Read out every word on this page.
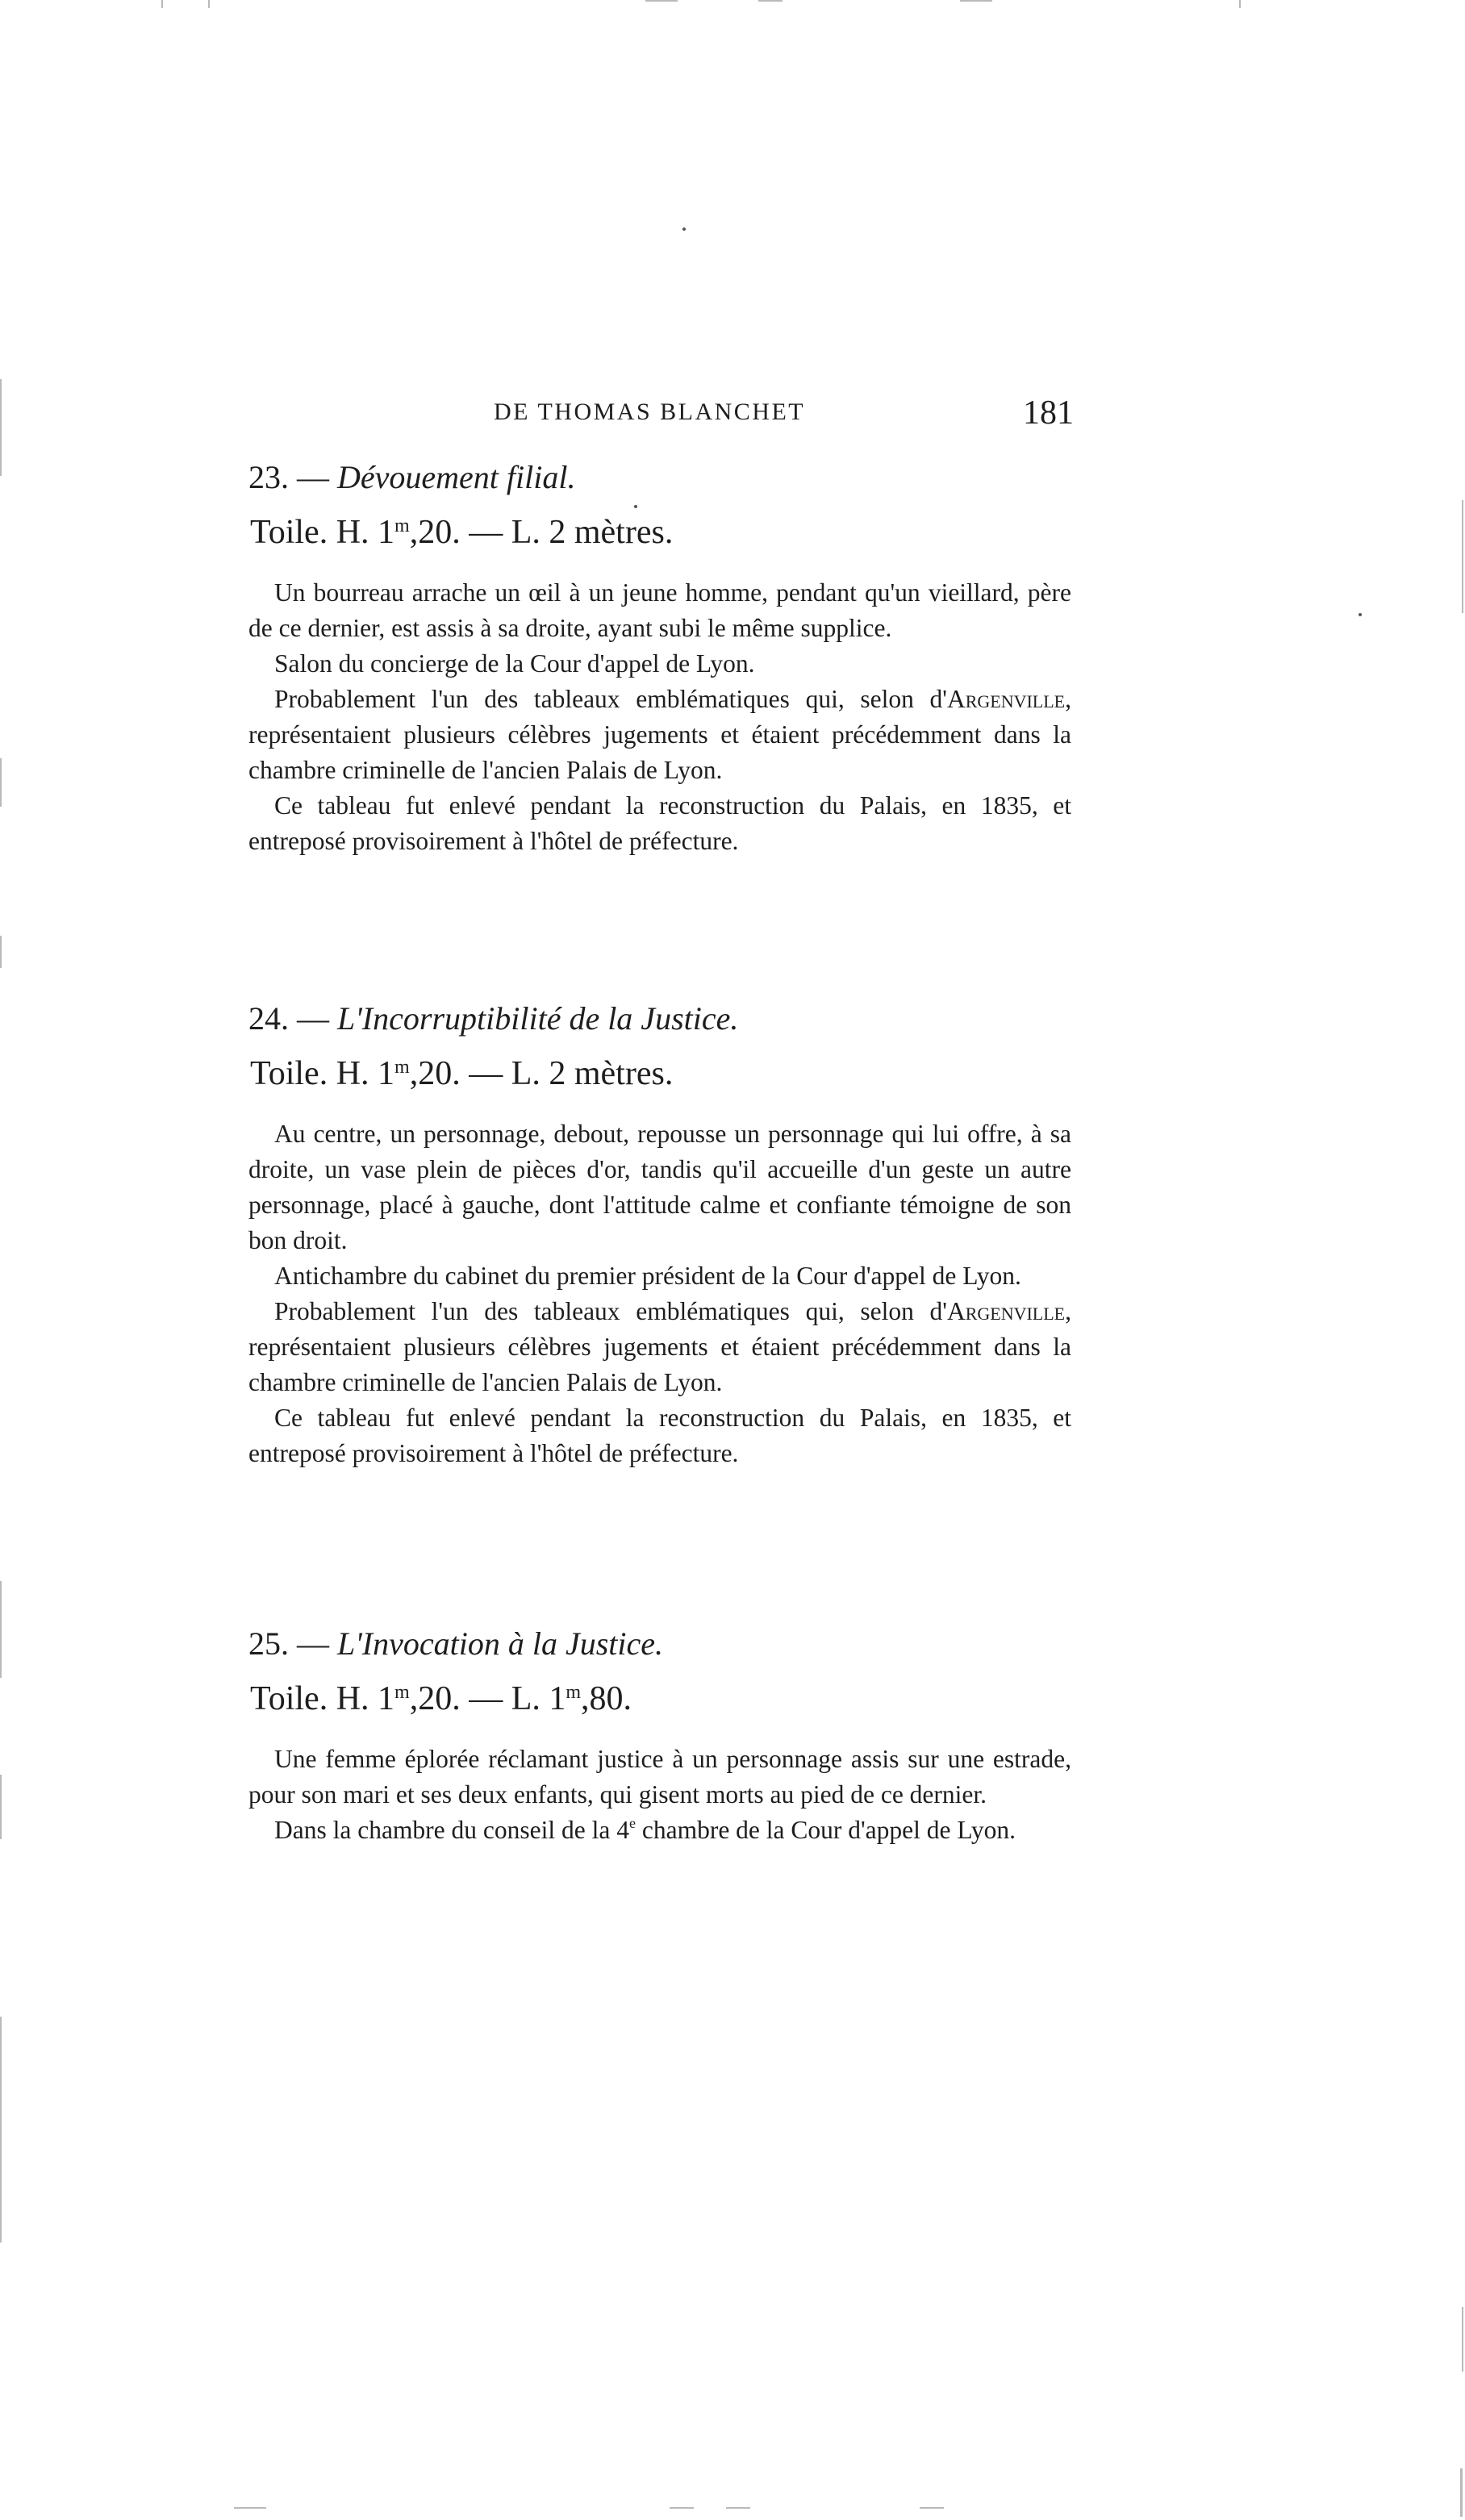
DE THOMAS BLANCHET	181

23. — Dévouement filial.

Toile. H. 1$^m$,20. — L. 2 mètres.

Un bourreau arrache un œil à un jeune homme, pendant qu'un vieillard, père de ce dernier, est assis à sa droite, ayant subi le même supplice.

Salon du concierge de la Cour d'appel de Lyon.

Probablement l'un des tableaux emblématiques qui, selon d'Argenville, représentaient plusieurs célèbres jugements et étaient précédemment dans la chambre criminelle de l'ancien Palais de Lyon.

Ce tableau fut enlevé pendant la reconstruction du Palais, en 1835, et entreposé provisoirement à l'hôtel de préfecture.

24. — L'Incorruptibilité de la Justice.

Toile. H. 1$^m$,20. — L. 2 mètres.

Au centre, un personnage, debout, repousse un personnage qui lui offre, à sa droite, un vase plein de pièces d'or, tandis qu'il accueille d'un geste un autre personnage, placé à gauche, dont l'attitude calme et confiante témoigne de son bon droit.

Antichambre du cabinet du premier président de la Cour d'appel de Lyon.

Probablement l'un des tableaux emblématiques qui, selon d'Argenville, représentaient plusieurs célèbres jugements et étaient précédemment dans la chambre criminelle de l'ancien Palais de Lyon.

Ce tableau fut enlevé pendant la reconstruction du Palais, en 1835, et entreposé provisoirement à l'hôtel de préfecture.

25. — L'Invocation à la Justice.

Toile. H. 1$^m$,20. — L. 1$^m$,80.

Une femme éplorée réclamant justice à un personnage assis sur une estrade, pour son mari et ses deux enfants, qui gisent morts au pied de ce dernier.

Dans la chambre du conseil de la 4e chambre de la Cour d'appel de Lyon.
